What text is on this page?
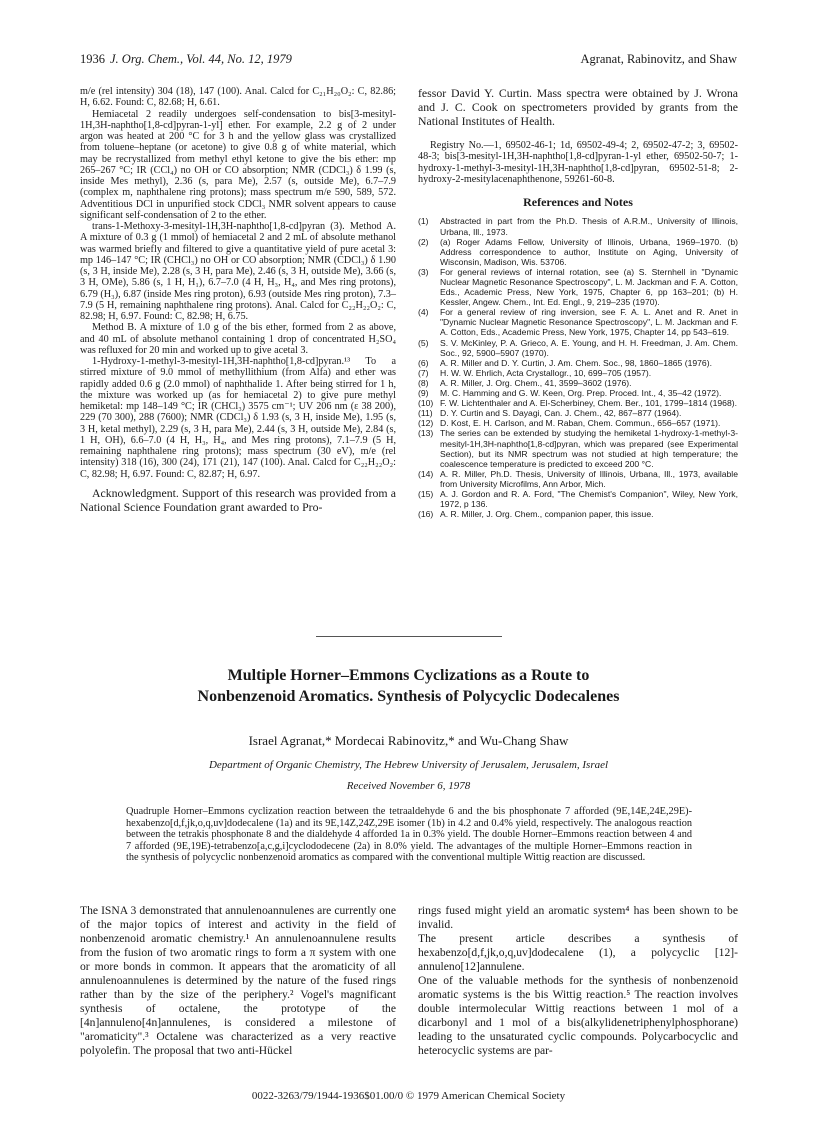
1936 J. Org. Chem., Vol. 44, No. 12, 1979	Agranat, Rabinovitz, and Shaw

m/e (rel intensity) 304 (18), 147 (100). Anal. Calcd for C₂₁H₂₀O₂: C, 82.86; H, 6.62. Found: C, 82.68; H, 6.61.

Hemiacetal 2 readily undergoes self-condensation to bis[3-mesityl-1H,3H-naphtho[1,8-cd]pyran-1-yl] ether. For example, 2.2 g of 2 under argon was heated at 200 °C for 3 h and the yellow glass was crystallized from toluene–heptane (or acetone) to give 0.8 g of white material, which may be recrystallized from methyl ethyl ketone to give the bis ether: mp 265–267 °C; IR (CCl₄) no OH or CO absorption; NMR (CDCl₃) δ 1.99 (s, inside Mes methyl), 2.36 (s, para Me), 2.57 (s, outside Me), 6.7–7.9 (complex m, naphthalene ring protons); mass spectrum m/e 590, 589, 572. Adventitious DCl in unpurified stock CDCl₃ NMR solvent appears to cause significant self-condensation of 2 to the ether.

trans-1-Methoxy-3-mesityl-1H,3H-naphtho[1,8-cd]pyran (3). Method A. A mixture of 0.3 g (1 mmol) of hemiacetal 2 and 2 mL of absolute methanol was warmed briefly and filtered to give a quantitative yield of pure acetal 3: mp 146–147 °C; IR (CHCl₃) no OH or CO absorption; NMR (CDCl₃) δ 1.90 (s, 3 H, inside Me), 2.28 (s, 3 H, para Me), 2.46 (s, 3 H, outside Me), 3.66 (s, 3 H, OMe), 5.86 (s, 1 H, H₁), 6.7–7.0 (4 H, H₃, H₄, and Mes ring protons), 6.79 (H₃), 6.87 (inside Mes ring proton), 6.93 (outside Mes ring proton), 7.3–7.9 (5 H, remaining naphthalene ring protons). Anal. Calcd for C₂₂H₂₂O₂: C, 82.98; H, 6.97. Found: C, 82.98; H, 6.75.

Method B. A mixture of 1.0 g of the bis ether, formed from 2 as above, and 40 mL of absolute methanol containing 1 drop of concentrated H₂SO₄ was refluxed for 20 min and worked up to give acetal 3.

1-Hydroxy-1-methyl-3-mesityl-1H,3H-naphtho[1,8-cd]pyran.¹³ To a stirred mixture of 9.0 mmol of methyllithium (from Alfa) and ether was rapidly added 0.6 g (2.0 mmol) of naphthalide 1. After being stirred for 1 h, the mixture was worked up (as for hemiacetal 2) to give pure methyl hemiketal: mp 148–149 °C; IR (CHCl₃) 3575 cm⁻¹; UV 206 nm (ε 38 200), 229 (70 300), 288 (7600); NMR (CDCl₃) δ 1.93 (s, 3 H, inside Me), 1.95 (s, 3 H, ketal methyl), 2.29 (s, 3 H, para Me), 2.44 (s, 3 H, outside Me), 2.84 (s, 1 H, OH), 6.6–7.0 (4 H, H₃, H₄, and Mes ring protons), 7.1–7.9 (5 H, remaining naphthalene ring protons); mass spectrum (30 eV), m/e (rel intensity) 318 (16), 300 (24), 171 (21), 147 (100). Anal. Calcd for C₂₂H₂₂O₂: C, 82.98; H, 6.97. Found: C, 82.87; H, 6.97.

Acknowledgment. Support of this research was provided from a National Science Foundation grant awarded to Pro-

fessor David Y. Curtin. Mass spectra were obtained by J. Wrona and J. C. Cook on spectrometers provided by grants from the National Institutes of Health.

Registry No.—1, 69502-46-1; 1d, 69502-49-4; 2, 69502-47-2; 3, 69502-48-3; bis[3-mesityl-1H,3H-naphtho[1,8-cd]pyran-1-yl ether, 69502-50-7; 1-hydroxy-1-methyl-3-mesityl-1H,3H-naphtho[1,8-cd]pyran, 69502-51-8; 2-hydroxy-2-mesitylacenaphthenone, 59261-60-8.

References and Notes

(1)	Abstracted in part from the Ph.D. Thesis of A.R.M., University of Illinois, Urbana, Ill., 1973.
(2)	(a) Roger Adams Fellow, University of Illinois, Urbana, 1969–1970. (b) Address correspondence to author, Institute on Aging, University of Wisconsin, Madison, Wis. 53706.
(3)	For general reviews of internal rotation, see (a) S. Sternhell in "Dynamic Nuclear Magnetic Resonance Spectroscopy", L. M. Jackman and F. A. Cotton, Eds., Academic Press, New York, 1975, Chapter 6, pp 163–201; (b) H. Kessler, Angew. Chem., Int. Ed. Engl., 9, 219–235 (1970).
(4)	For a general review of ring inversion, see F. A. L. Anet and R. Anet in "Dynamic Nuclear Magnetic Resonance Spectroscopy", L. M. Jackman and F. A. Cotton, Eds., Academic Press, New York, 1975, Chapter 14, pp 543–619.
(5)	S. V. McKinley, P. A. Grieco, A. E. Young, and H. H. Freedman, J. Am. Chem. Soc., 92, 5900–5907 (1970).
(6)	A. R. Miller and D. Y. Curtin, J. Am. Chem. Soc., 98, 1860–1865 (1976).
(7)	H. W. W. Ehrlich, Acta Crystallogr., 10, 699–705 (1957).
(8)	A. R. Miller, J. Org. Chem., 41, 3599–3602 (1976).
(9)	M. C. Hamming and G. W. Keen, Org. Prep. Proced. Int., 4, 35–42 (1972).
(10) F. W. Lichtenthaler and A. El-Scherbiney, Chem. Ber., 101, 1799–1814 (1968).
(11) D. Y. Curtin and S. Dayagi, Can. J. Chem., 42, 867–877 (1964).
(12) D. Kost, E. H. Carlson, and M. Raban, Chem. Commun., 656–657 (1971).
(13) The series can be extended by studying the hemiketal 1-hydroxy-1-methyl-3-mesityl-1H,3H-naphtho[1,8-cd]pyran, which was prepared (see Experimental Section), but its NMR spectrum was not studied at high temperature; the coalescence temperature is predicted to exceed 200 °C.
(14) A. R. Miller, Ph.D. Thesis, University of Illinois, Urbana, Ill., 1973, available from University Microfilms, Ann Arbor, Mich.
(15) A. J. Gordon and R. A. Ford, "The Chemist's Companion", Wiley, New York, 1972, p 136.
(16) A. R. Miller, J. Org. Chem., companion paper, this issue.
Multiple Horner–Emmons Cyclizations as a Route to
Nonbenzenoid Aromatics. Synthesis of Polycyclic Dodecalenes
Israel Agranat,* Mordecai Rabinovitz,* and Wu-Chang Shaw
Department of Organic Chemistry, The Hebrew University of Jerusalem, Jerusalem, Israel
Received November 6, 1978
Quadruple Horner–Emmons cyclization reaction between the tetraaldehyde 6 and the bis phosphonate 7 afforded (9E,14E,24E,29E)-hexabenzo[d,f,jk,o,q,uv]dodecalene (1a) and its 9E,14Z,24Z,29E isomer (1b) in 4.2 and 0.4% yield, respectively. The analogous reaction between the tetrakis phosphonate 8 and the dialdehyde 4 afforded 1a in 0.3% yield. The double Horner–Emmons reaction between 4 and 7 afforded (9E,19E)-tetrabenzo[a,c,g,i]cyclododecene (2a) in 8.0% yield. The advantages of the multiple Horner–Emmons reaction in the synthesis of polycyclic nonbenzenoid aromatics as compared with the conventional multiple Wittig reaction are discussed.

The ISNA 3 demonstrated that annulenoannulenes are currently one of the major topics of interest and activity in the field of nonbenzenoid aromatic chemistry.¹ An annulenoannulene results from the fusion of two aromatic rings to form a π system with one or more bonds in common. It appears that the aromaticity of all annulenoannulenes is determined by the nature of the fused rings rather than by the size of the periphery.² Vogel's magnificant synthesis of octalene, the prototype of the [4n]annuleno[4n]annulenes, is considered a milestone of "aromaticity".³ Octalene was characterized as a very reactive polyolefin. The proposal that two anti-Hückel

rings fused might yield an aromatic system⁴ has been shown to be invalid.

The present article describes a synthesis of hexabenzo[d,f,jk,o,q,uv]dodecalene (1), a polycyclic [12]-annuleno[12]annulene.

One of the valuable methods for the synthesis of nonbenzenoid aromatic systems is the bis Wittig reaction.⁵ The reaction involves double intermolecular Wittig reactions between 1 mol of a dicarbonyl and 1 mol of a bis(alkylidenetriphenylphosphorane) leading to the unsaturated cyclic compounds. Polycarbocyclic and heterocyclic systems are par-

0022-3263/79/1944-1936$01.00/0 © 1979 American Chemical Society
